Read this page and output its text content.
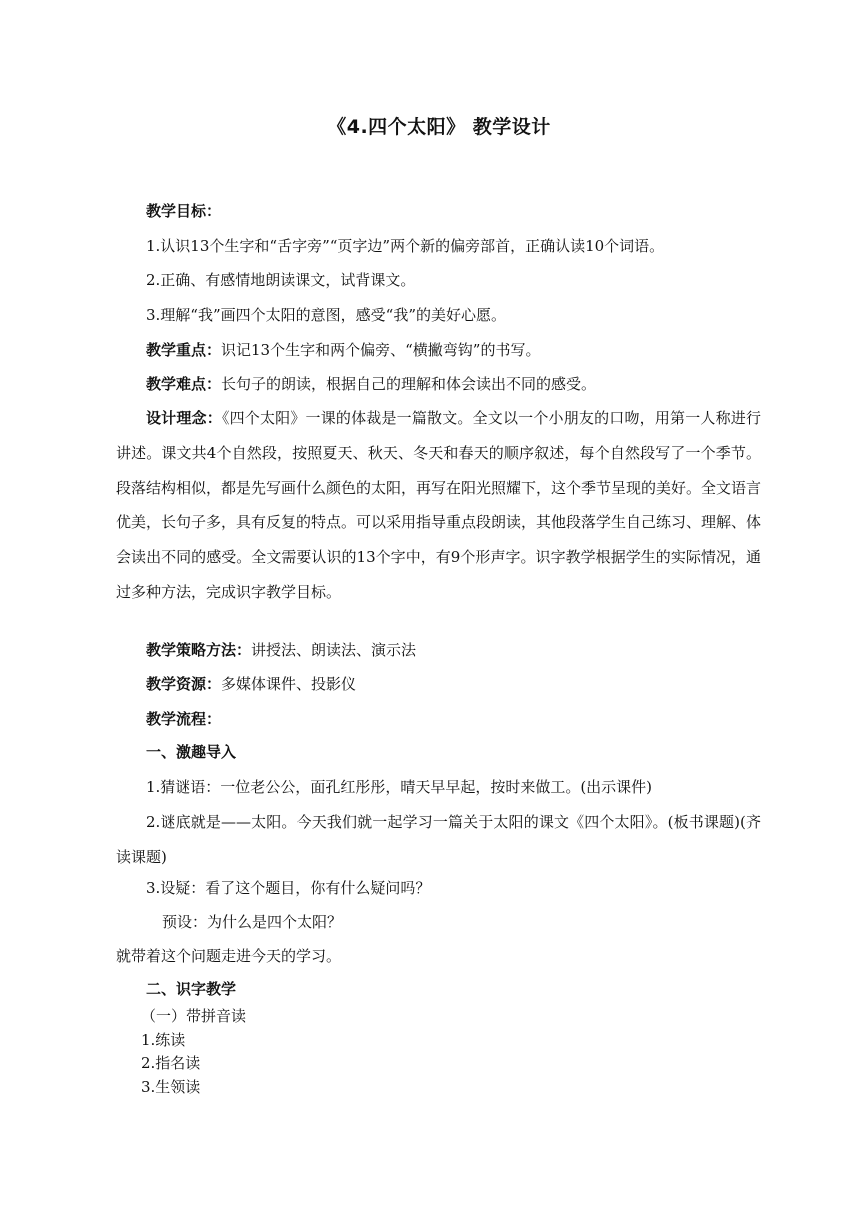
《4.四个太阳》 教学设计
教学目标：
1.认识13个生字和“舌字旁”“页字边”两个新的偏旁部首，正确认读10个词语。
2.正确、有感情地朗读课文，试背课文。
3.理解“我”画四个太阳的意图，感受“我”的美好心愿。
教学重点：识记13个生字和两个偏旁、“横撇弯钩”的书写。
教学难点：长句子的朗读，根据自己的理解和体会读出不同的感受。
设计理念：《四个太阳》一课的体裁是一篇散文。全文以一个小朋友的口吻，用第一人称进行讲述。课文共4个自然段，按照夏天、秋天、冬天和春天的顺序叙述，每个自然段写了一个季节。段落结构相似，都是先写画什么颜色的太阳，再写在阳光照耀下，这个季节呈现的美好。全文语言优美，长句子多，具有反复的特点。可以采用指导重点段朗读，其他段落学生自己练习、理解、体会读出不同的感受。全文需要认识的13个字中，有9个形声字。识字教学根据学生的实际情况，通过多种方法，完成识字教学目标。
教学策略方法：讲授法、朗读法、演示法
教学资源：多媒体课件、投影仪
教学流程：
一、激趣导入
1.猜谜语：一位老公公，面孔红彤彤，晴天早早起，按时来做工。(出示课件)
2.谜底就是——太阳。今天我们就一起学习一篇关于太阳的课文《四个太阳》。(板书课题)(齐读课题)
3.设疑：看了这个题目，你有什么疑问吗？
预设：为什么是四个太阳？
就带着这个问题走进今天的学习。
二、识字教学
（一）带拼音读
1.练读
2.指名读
3.生领读
